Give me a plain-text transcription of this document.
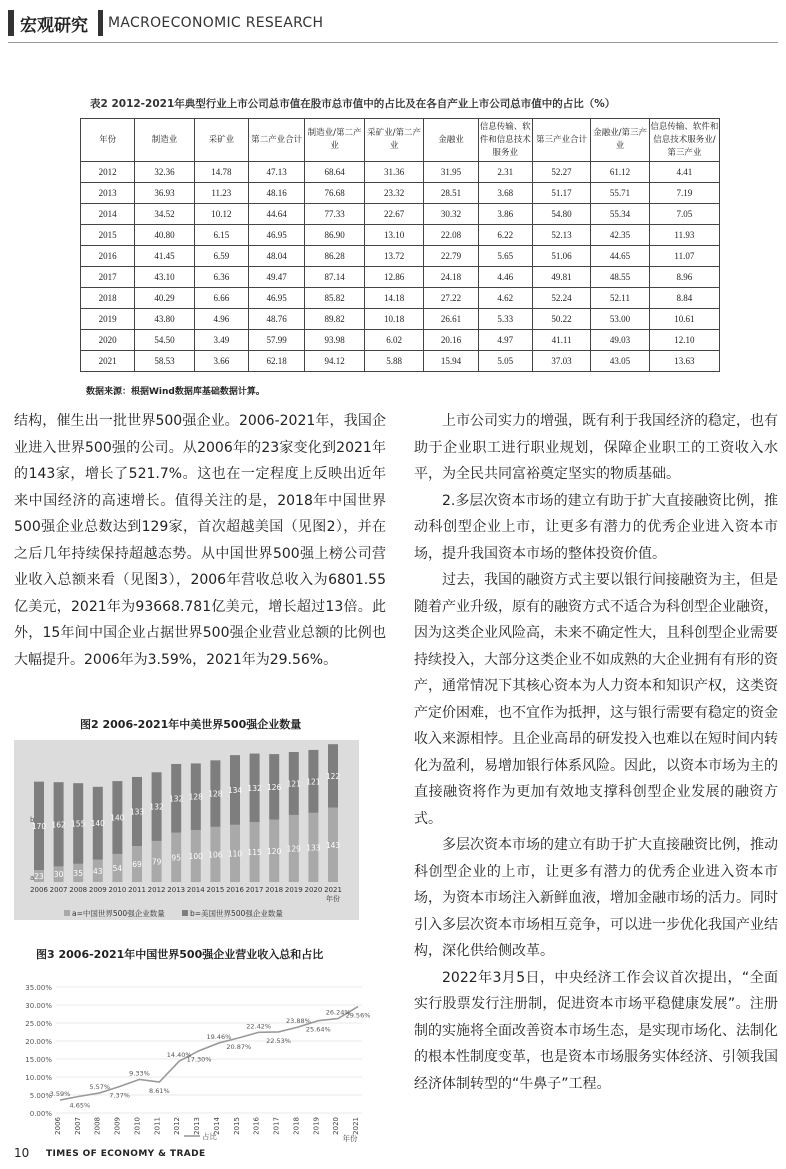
宏观研究 MACROECONOMIC RESEARCH
表2 2012-2021年典型行业上市公司总市值在股市总市值中的占比及在各自产业上市公司总市值中的占比（%）
年份	制造业	采矿业	第二产业合计	制造业/第二产业	采矿业/第二产业	金融业	信息传输、软件和信息技术服务业	第三产业合计	金融业/第三产业	信息传输、软件和信息技术服务业/第三产业
2012	32.36	14.78	47.13	68.64	31.36	31.95	2.31	52.27	61.12	4.41
2013	36.93	11.23	48.16	76.68	23.32	28.51	3.68	51.17	55.71	7.19
2014	34.52	10.12	44.64	77.33	22.67	30.32	3.86	54.80	55.34	7.05
2015	40.80	6.15	46.95	86.90	13.10	22.08	6.22	52.13	42.35	11.93
2016	41.45	6.59	48.04	86.28	13.72	22.79	5.65	51.06	44.65	11.07
2017	43.10	6.36	49.47	87.14	12.86	24.18	4.46	49.81	48.55	8.96
2018	40.29	6.66	46.95	85.82	14.18	27.22	4.62	52.24	52.11	8.84
2019	43.80	4.96	48.76	89.82	10.18	26.61	5.33	50.22	53.00	10.61
2020	54.50	3.49	57.99	93.98	6.02	20.16	4.97	41.11	49.03	12.10
2021	58.53	3.66	62.18	94.12	5.88	15.94	5.05	37.03	43.05	13.63
数据来源：根据Wind数据库基础数据计算。

结构，催生出一批世界500强企业。2006-2021年，我国企业进入世界500强的公司。从2006年的23家变化到2021年的143家，增长了521.7%。这也在一定程度上反映出近年来中国经济的高速增长。值得关注的是，2018年中国世界500强企业总数达到129家，首次超越美国（见图2），并在之后几年持续保持超越态势。从中国世界500强上榜公司营业收入总额来看（见图3），2006年营收总收入为6801.55亿美元，2021年为93668.781亿美元，增长超过13倍。此外，15年间中国企业占据世界500强企业营业总额的比例也大幅提升。2006年为3.59%，2021年为29.56%。

图2 2006-2021年中美世界500强企业数量
23
170
2006
30
162
2007
35
155
2008
43
140
2009
54
140
2010
69
133
2011
79
132
2012
95
132
2013
100
128
2014
106
128
2015
110
134
2016
115
132
2017
120
126
2018
129
121
2019
133
121
2020
143
122
2021
a
b
年份
a=中国世界500强企业数量	b=美国世界500强企业数量
图3 2006-2021年中国世界500强企业营业收入总和占比
0.00%
5.00%
10.00%
15.00%
20.00%
25.00%
30.00%
35.00%
3.59%
2006
4.65%
2007
5.57%
2008
7.37%
2009
9.33%
2010
8.61%
2011
14.40%
2012
17.30%
2013
19.46%
2014
20.87%
2015
22.42%
2016
22.53%
2017
23.88%
2018
25.64%
2019
26.24%
2020
29.56%
2021
占比	年份

上市公司实力的增强，既有利于我国经济的稳定，也有助于企业职工进行职业规划，保障企业职工的工资收入水平，为全民共同富裕奠定坚实的物质基础。

2.多层次资本市场的建立有助于扩大直接融资比例，推动科创型企业上市，让更多有潜力的优秀企业进入资本市场，提升我国资本市场的整体投资价值。

过去，我国的融资方式主要以银行间接融资为主，但是随着产业升级，原有的融资方式不适合为科创型企业融资，因为这类企业风险高，未来不确定性大，且科创型企业需要持续投入，大部分这类企业不如成熟的大企业拥有有形的资产，通常情况下其核心资本为人力资本和知识产权，这类资产定价困难，也不宜作为抵押，这与银行需要有稳定的资金收入来源相悖。且企业高昂的研发投入也难以在短时间内转化为盈利，易增加银行体系风险。因此，以资本市场为主的直接融资将作为更加有效地支撑科创型企业发展的融资方式。

多层次资本市场的建立有助于扩大直接融资比例，推动科创型企业的上市，让更多有潜力的优秀企业进入资本市场，为资本市场注入新鲜血液，增加金融市场的活力。同时引入多层次资本市场相互竞争，可以进一步优化我国产业结构，深化供给侧改革。

2022年3月5日，中央经济工作会议首次提出，“全面实行股票发行注册制，促进资本市场平稳健康发展”。注册制的实施将全面改善资本市场生态，是实现市场化、法制化的根本性制度变革，也是资本市场服务实体经济、引领我国经济体制转型的“牛鼻子”工程。

10 TIMES OF ECONOMY & TRADE
